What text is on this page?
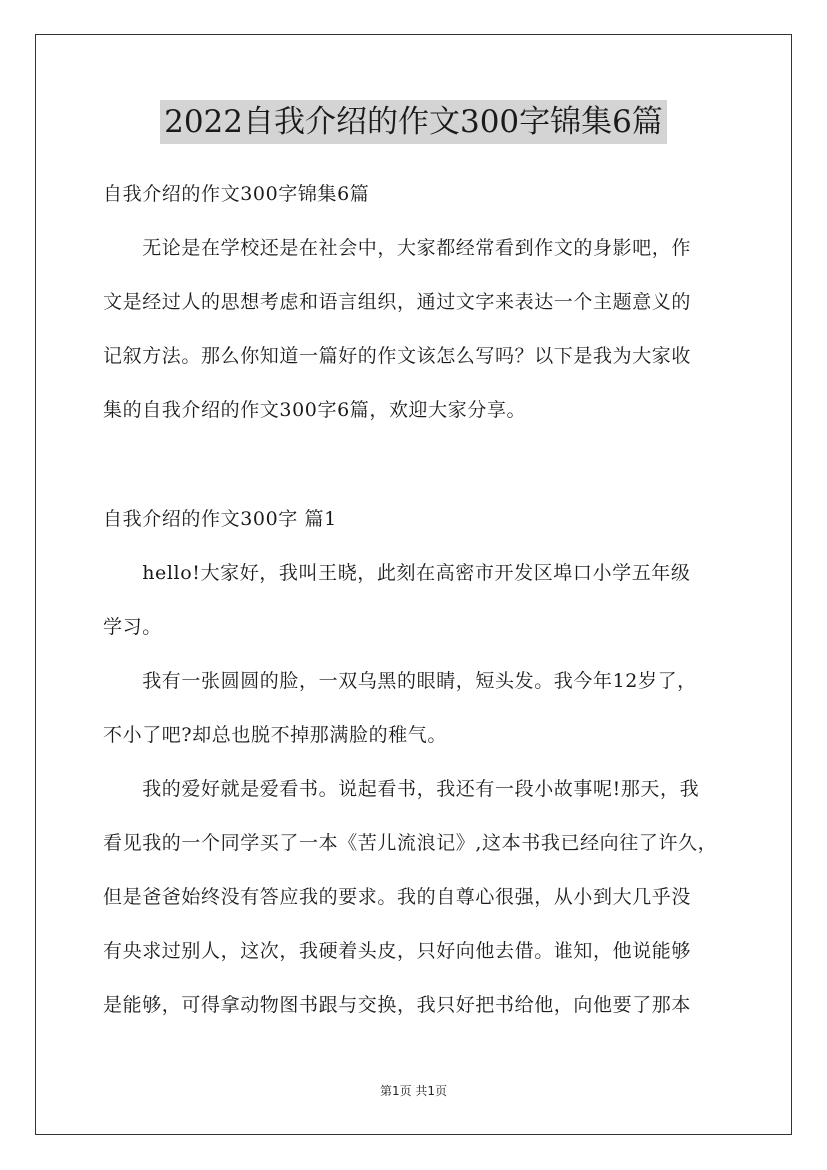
2022自我介绍的作文300字锦集6篇
自我介绍的作文300字锦集6篇
　　无论是在学校还是在社会中，大家都经常看到作文的身影吧，作
文是经过人的思想考虑和语言组织，通过文字来表达一个主题意义的
记叙方法。那么你知道一篇好的作文该怎么写吗？以下是我为大家收
集的自我介绍的作文300字6篇，欢迎大家分享。
自我介绍的作文300字 篇1
　　hello!大家好，我叫王晓，此刻在高密市开发区埠口小学五年级
学习。
　　我有一张圆圆的脸，一双乌黑的眼睛，短头发。我今年12岁了，
不小了吧?却总也脱不掉那满脸的稚气。
　　我的爱好就是爱看书。说起看书，我还有一段小故事呢!那天，我
看见我的一个同学买了一本《苦儿流浪记》,这本书我已经向往了许久，
但是爸爸始终没有答应我的要求。我的自尊心很强，从小到大几乎没
有央求过别人，这次，我硬着头皮，只好向他去借。谁知，他说能够
是能够，可得拿动物图书跟与交换，我只好把书给他，向他要了那本
第1页 共1页
